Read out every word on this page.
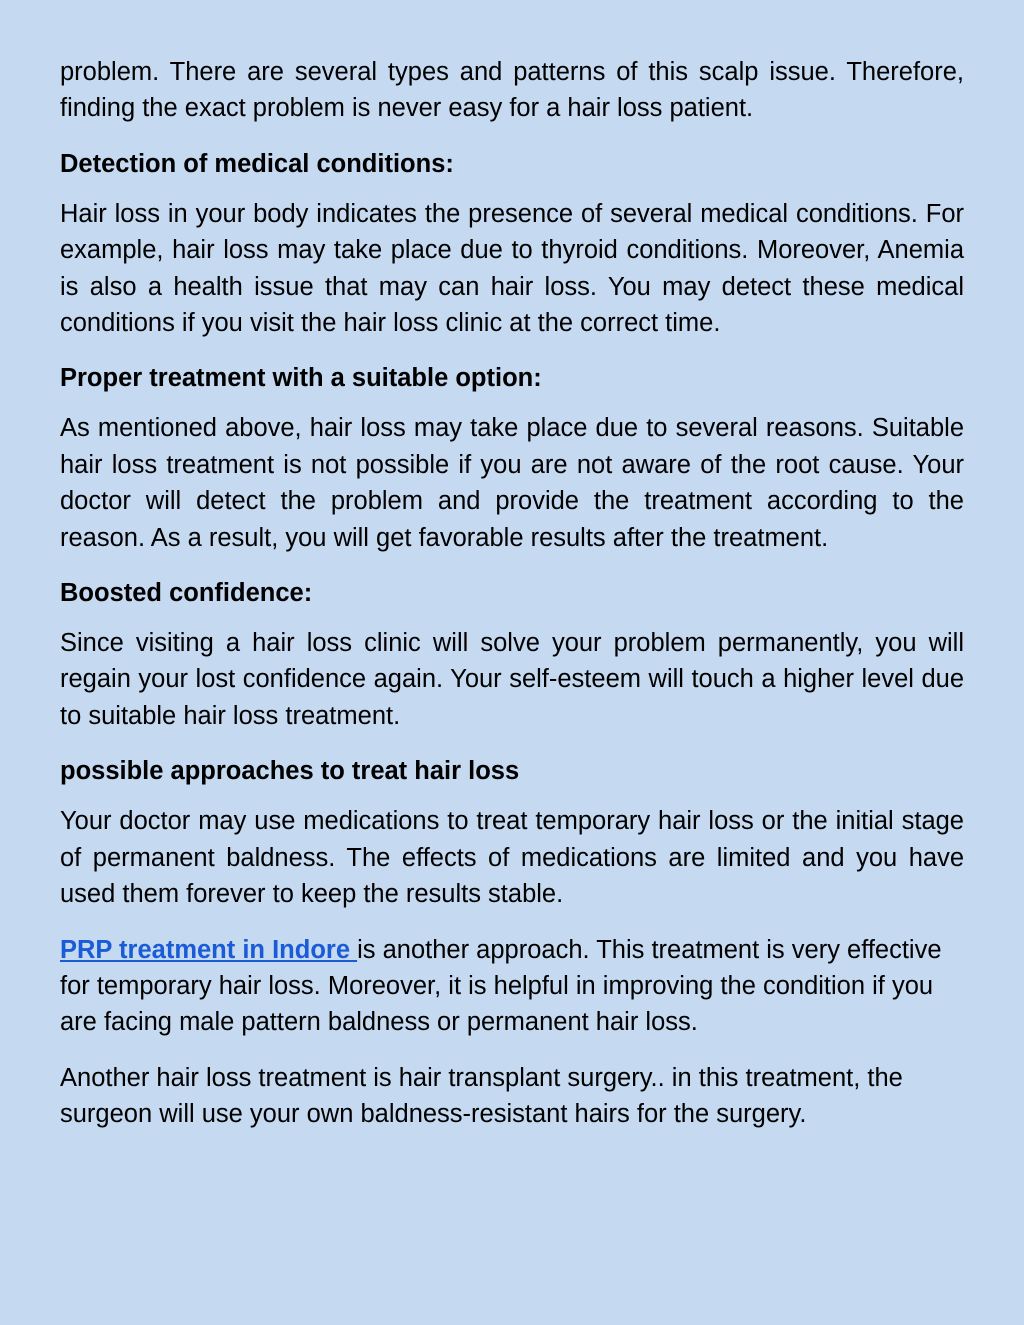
problem. There are several types and patterns of this scalp issue. Therefore, finding the exact problem is never easy for a hair loss patient.

Detection of medical conditions:

Hair loss in your body indicates the presence of several medical conditions. For example, hair loss may take place due to thyroid conditions. Moreover, Anemia is also a health issue that may can hair loss. You may detect these medical conditions if you visit the hair loss clinic at the correct time.

Proper treatment with a suitable option:

As mentioned above, hair loss may take place due to several reasons. Suitable hair loss treatment is not possible if you are not aware of the root cause. Your doctor will detect the problem and provide the treatment according to the reason. As a result, you will get favorable results after the treatment.

Boosted confidence:

Since visiting a hair loss clinic will solve your problem permanently, you will regain your lost confidence again. Your self-esteem will touch a higher level due to suitable hair loss treatment.

possible approaches to treat hair loss

Your doctor may use medications to treat temporary hair loss or the initial stage of permanent baldness. The effects of medications are limited and you have used them forever to keep the results stable.

PRP treatment in Indore is another approach. This treatment is very effective for temporary hair loss. Moreover, it is helpful in improving the condition if you are facing male pattern baldness or permanent hair loss.

Another hair loss treatment is hair transplant surgery.. in this treatment, the surgeon will use your own baldness-resistant hairs for the surgery.
